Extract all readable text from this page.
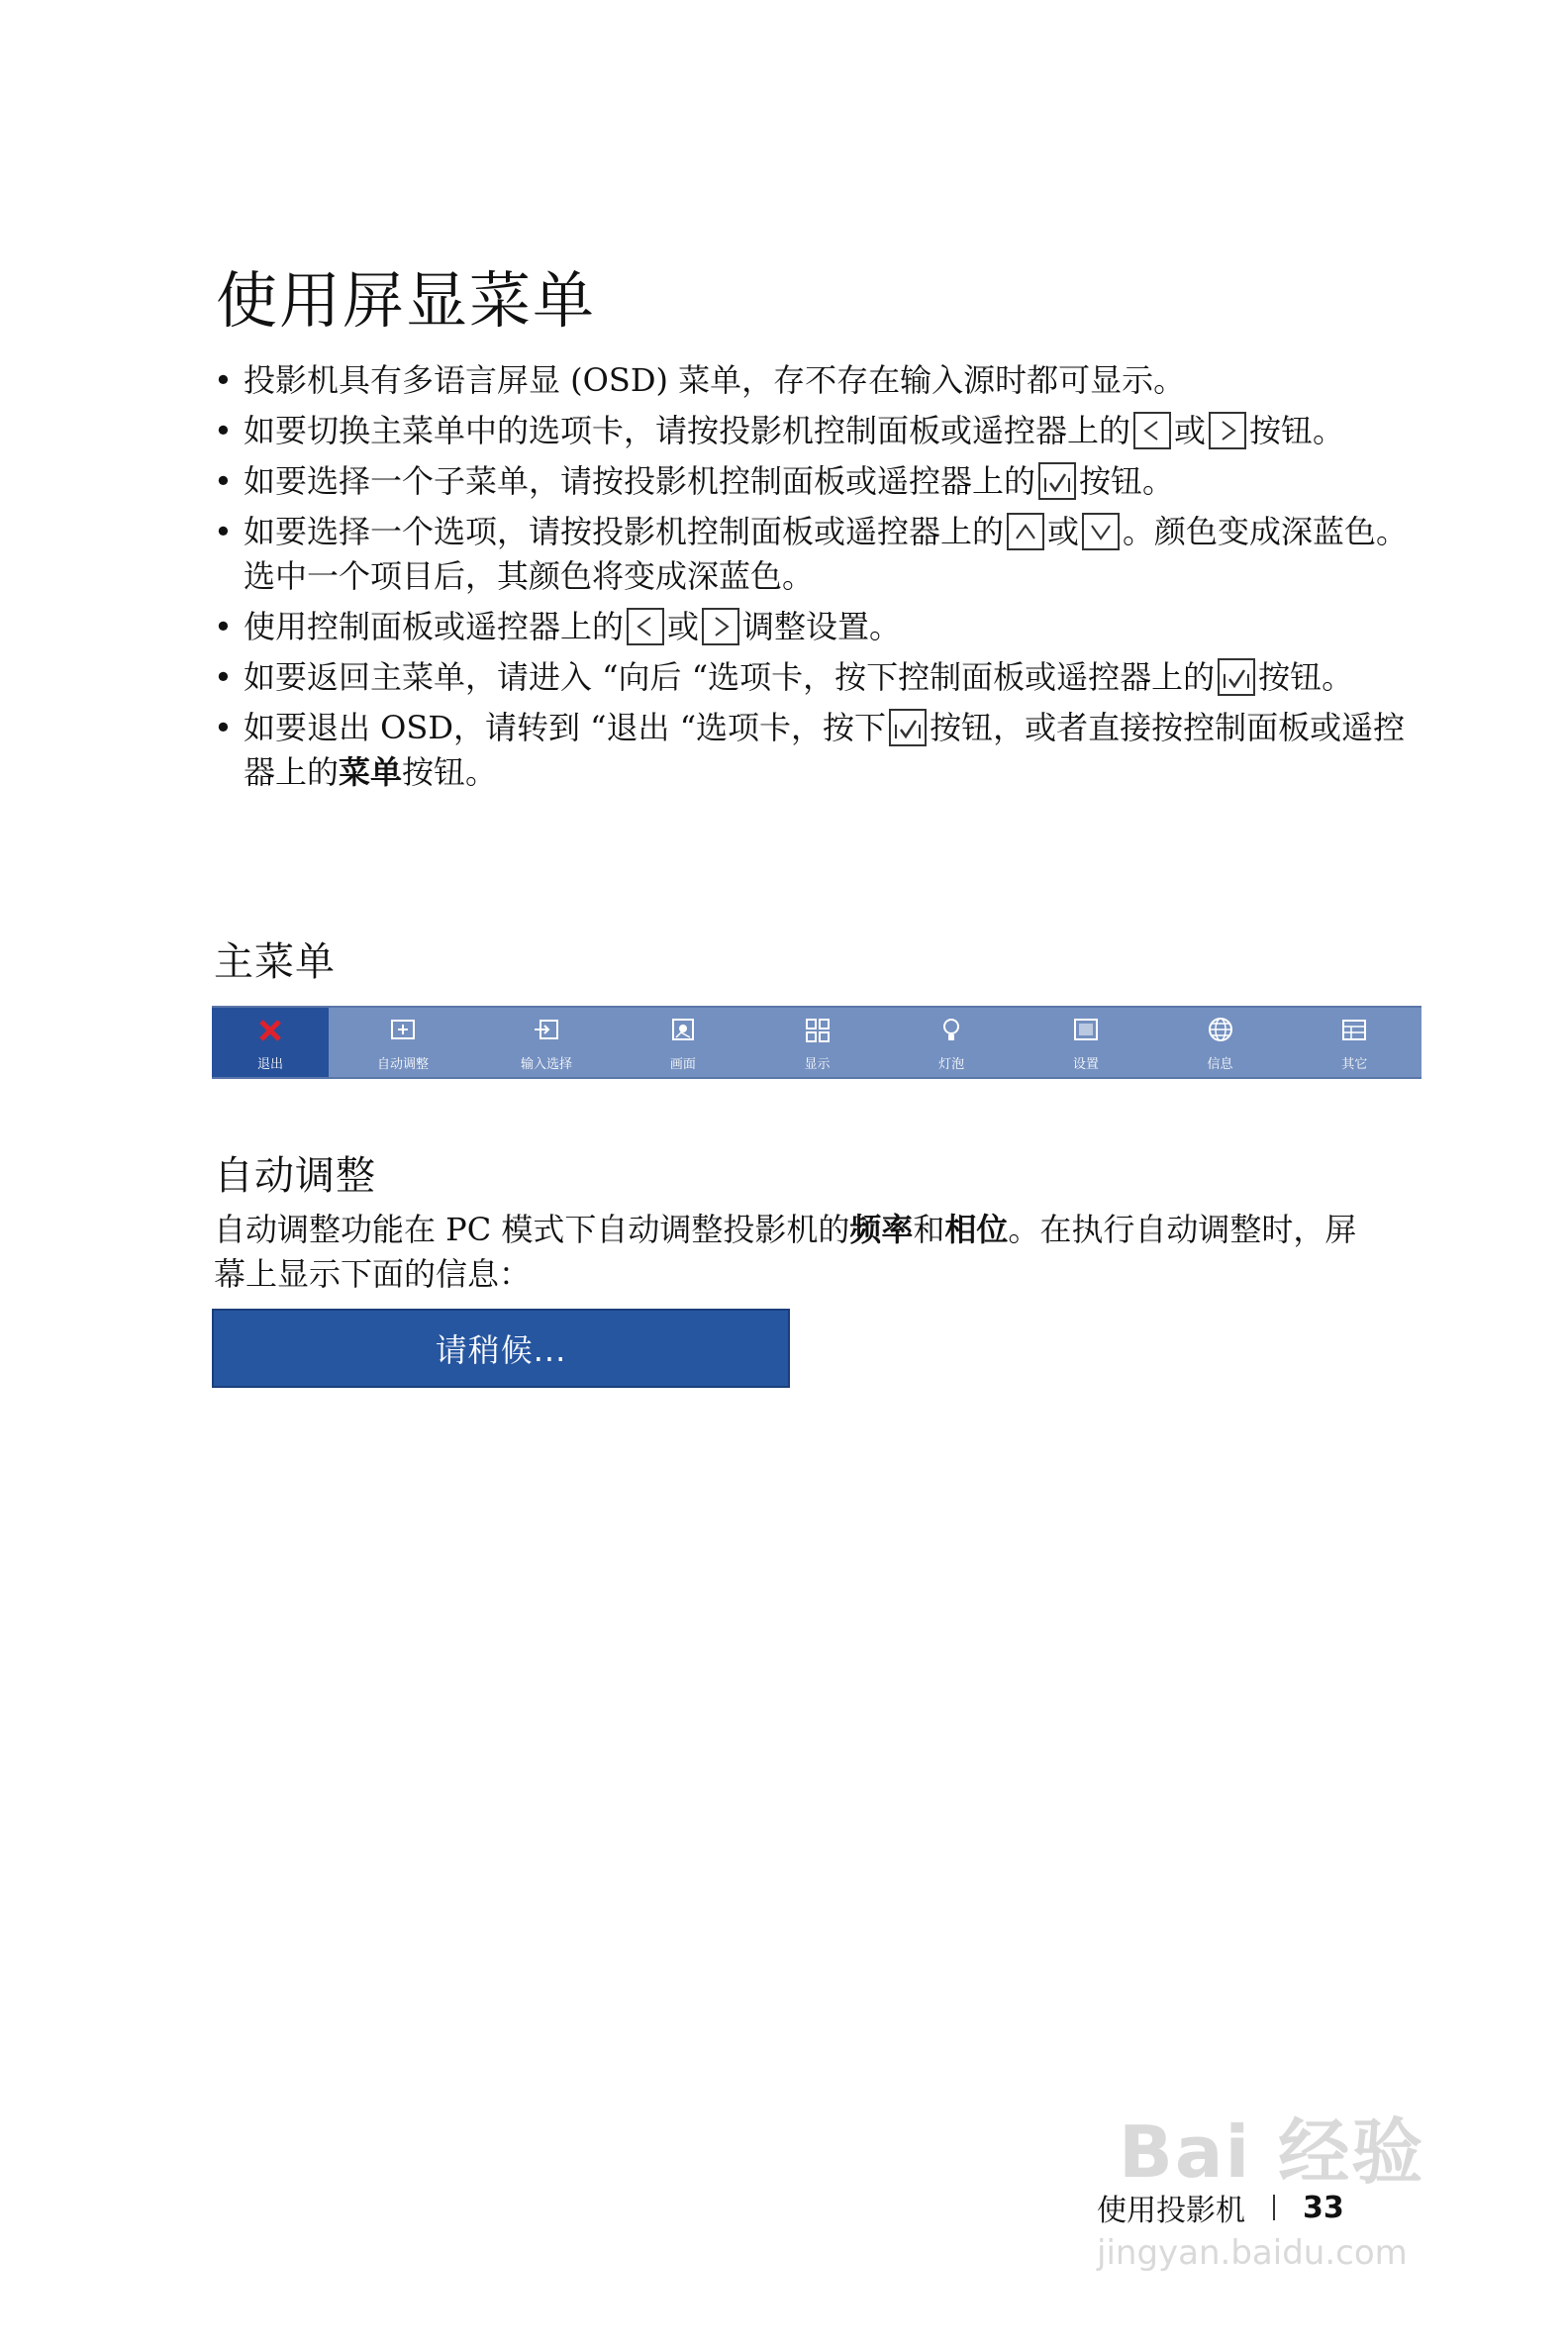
使用屏显菜单
• 投影机具有多语言屏显 (OSD) 菜单，存不存在输入源时都可显示。
• 如要切换主菜单中的选项卡，请按投影机控制面板或遥控器上的 或 按钮。
• 如要选择一个子菜单，请按投影机控制面板或遥控器上的 按钮。
• 如要选择一个选项，请按投影机控制面板或遥控器上的 或 。颜色变成深蓝色。选中一个项目后，其颜色将变成深蓝色。
• 使用控制面板或遥控器上的 或 调整设置。
• 如要返回主菜单，请进入 “向后 “选项卡，按下控制面板或遥控器上的 按钮。
• 如要退出 OSD，请转到 “退出 “选项卡，按下 按钮，或者直接按控制面板或遥控器上的菜单按钮。
主菜单
退出	自动调整	输入选择	画面	显示	灯泡	设置	信息	其它
自动调整
自动调整功能在 PC 模式下自动调整投影机的频率和相位。在执行自动调整时，屏幕上显示下面的信息：
请稍候...
Bai 经验
jingyan.baidu.com
使用投影机 33
